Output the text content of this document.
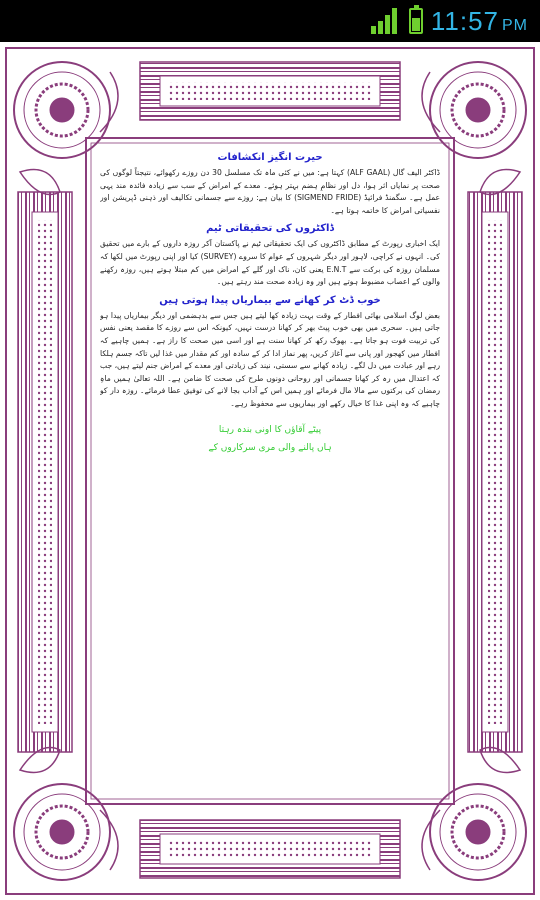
11:57 PM
حیرت انگیز انکشافات

ڈاکٹر الیف گال (ALF GAAL) کہتا ہے: میں نے کئی ماہ تک مسلسل 30 دن روزے رکھوائے، نتیجتاً لوگوں کی صحت پر نمایاں اثر ہوا، دل اور نظامِ ہضم بہتر ہوئے۔ معدے کے امراض کے سب سے زیادہ فائدہ مند یہی عمل ہے۔ سگمنڈ فرائیڈ (SIGMEND FRIDE) کا بیان ہے: روزے سے جسمانی تکالیف اور ذہنی ڈپریشن اور نفسیاتی امراض کا خاتمہ ہوتا ہے۔

ڈاکٹروں کی تحقیقاتی ٹیم

ایک اخباری رپورٹ کے مطابق ڈاکٹروں کی ایک تحقیقاتی ٹیم نے پاکستان آکر روزہ داروں کے بارے میں تحقیق کی۔ انہوں نے کراچی، لاہور اور دیگر شہروں کے عوام کا سروے (SURVEY) کیا اور اپنی رپورٹ میں لکھا کہ مسلمان روزہ کی برکت سے E.N.T یعنی کان، ناک اور گلے کے امراض میں کم مبتلا ہوتے ہیں، روزہ رکھنے والوں کے اعصاب مضبوط ہوتے ہیں اور وہ زیادہ صحت مند رہتے ہیں۔

خوب ڈٹ کر کھانے سے بیماریاں پیدا ہوتی ہیں

بعض لوگ اسلامی بھائی افطار کے وقت بہت زیادہ کھا لیتے ہیں جس سے بدہضمی اور دیگر بیماریاں پیدا ہو جاتی ہیں۔ سحری میں بھی خوب پیٹ بھر کر کھانا درست نہیں، کیونکہ اس سے روزے کا مقصد یعنی نفس کی تربیت فوت ہو جاتا ہے۔ بھوک رکھ کر کھانا سنت ہے اور اسی میں صحت کا راز ہے۔ ہمیں چاہیے کہ افطار میں کھجور اور پانی سے آغاز کریں، پھر نماز ادا کر کے سادہ اور کم مقدار میں غذا لیں تاکہ جسم ہلکا رہے اور عبادت میں دل لگے۔ زیادہ کھانے سے سستی، نیند کی زیادتی اور معدے کے امراض جنم لیتے ہیں، جب کہ اعتدال میں رہ کر کھانا جسمانی اور روحانی دونوں طرح کی صحت کا ضامن ہے۔ اللہ تعالیٰ ہمیں ماہِ رمضان کی برکتوں سے مالا مال فرمائے اور ہمیں اس کے آداب بجا لانے کی توفیق عطا فرمائے۔ روزہ دار کو چاہیے کہ وہ اپنی غذا کا خیال رکھے اور بیماریوں سے محفوظ رہے۔

پیٹے آقاؤں کا اونی بندہ رہتا
ہاں پالنے والی مری سرکاروں کے
